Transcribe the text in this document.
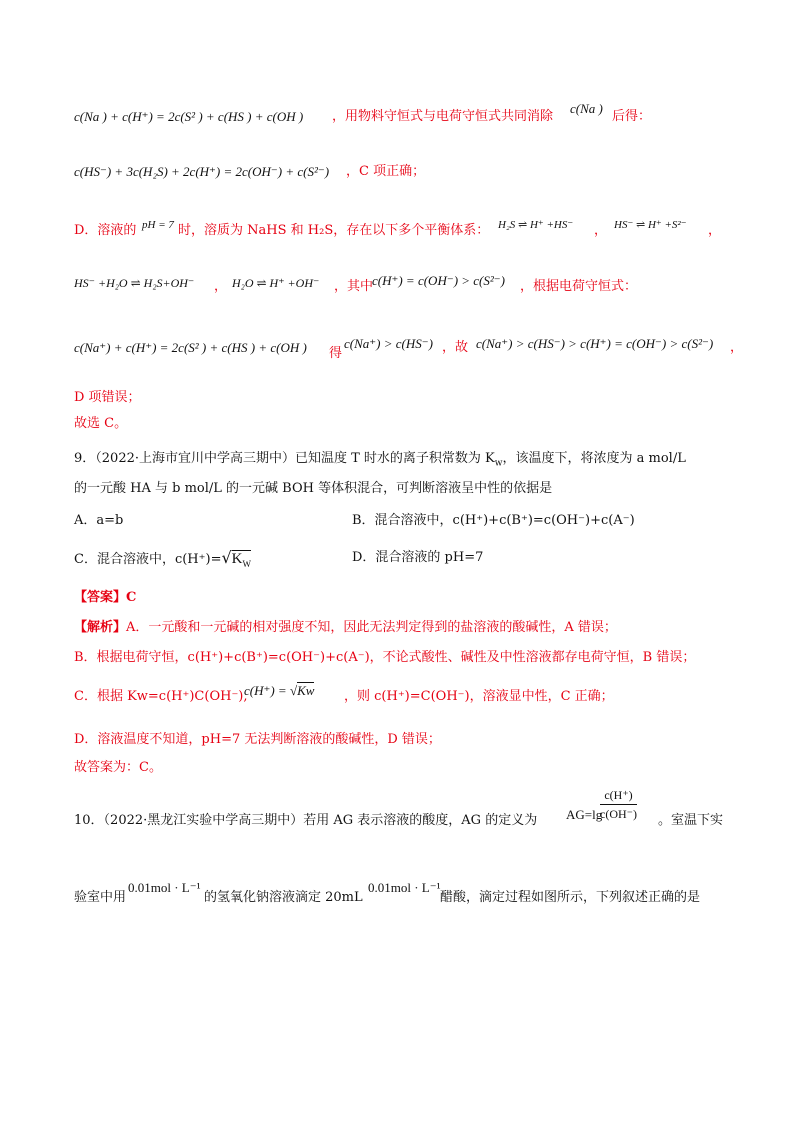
c(Na ) + c(H⁺) = 2c(S² ) + c(HS ) + c(OH ) ，用物料守恒式与电荷守恒式共同消除
c(Na )
后得：
c(HS⁻) + 3c(H₂S) + 2c(H⁺) = 2c(OH⁻) + c(S²⁻) ，C 项正确；
D．溶液的 pH = 7 时，溶质为 NaHS 和 H₂S，存在以下多个平衡体系： H₂S ⇌ H⁺ +HS⁻ ， HS⁻ ⇌ H⁺ +S²⁻ ，
HS⁻ +H₂O ⇌ H₂S+OH⁻ ， H₂O ⇌ H⁺ +OH⁻ ，其中
c(H⁺) = c(OH⁻) > c(S²⁻) ，根据电荷守恒式：
c(Na⁺) + c(H⁺) = 2c(S² ) + c(HS ) + c(OH ) 得
c(Na⁺) > c(HS⁻) ，故 c(Na⁺) > c(HS⁻) > c(H⁺) = c(OH⁻) > c(S²⁻) ，
D 项错误；
故选 C。
9．（2022·上海市宜川中学高三期中）已知温度 T 时水的离子积常数为 $K_w$，该温度下，将浓度为 a mol/L
的一元酸 HA 与 b mol/L 的一元碱 BOH 等体积混合，可判断溶液呈中性的依据是
A．a=b	B．混合溶液中，c(H⁺)+c(B⁺)=c(OH⁻)+c(A⁻)
C．混合溶液中，$c(H^+)=√K_W$	D．混合溶液的 pH=7
【答案】C
【解析】A．一元酸和一元碱的相对强度不知，因此无法判定得到的盐溶液的酸碱性，A 错误；
B．根据电荷守恒，c(H⁺)+c(B⁺)=c(OH⁻)+c(A⁻)，不论式酸性、碱性及中性溶液都存电荷守恒，B 错误；
C．根据 Kw=c(H⁺)C(OH⁻),
c(H⁺) = √Kw ，则 c(H⁺)=C(OH⁻)，溶液显中性，C 正确；
D．溶液温度不知道，pH=7 无法判断溶液的酸碱性，D 错误；
故答案为：C。
10．（2022·黑龙江实验中学高三期中）若用 AG 表示溶液的酸度，AG 的定义为 AG=lg
$\frac{c(H^+)}{c(OH^-)}$ 。室温下实
验室中用
0.01mol · L⁻¹
的氢氧化钠溶液滴定 20mL
0.01mol · L⁻¹
醋酸，滴定过程如图所示，下列叙述正确的是
